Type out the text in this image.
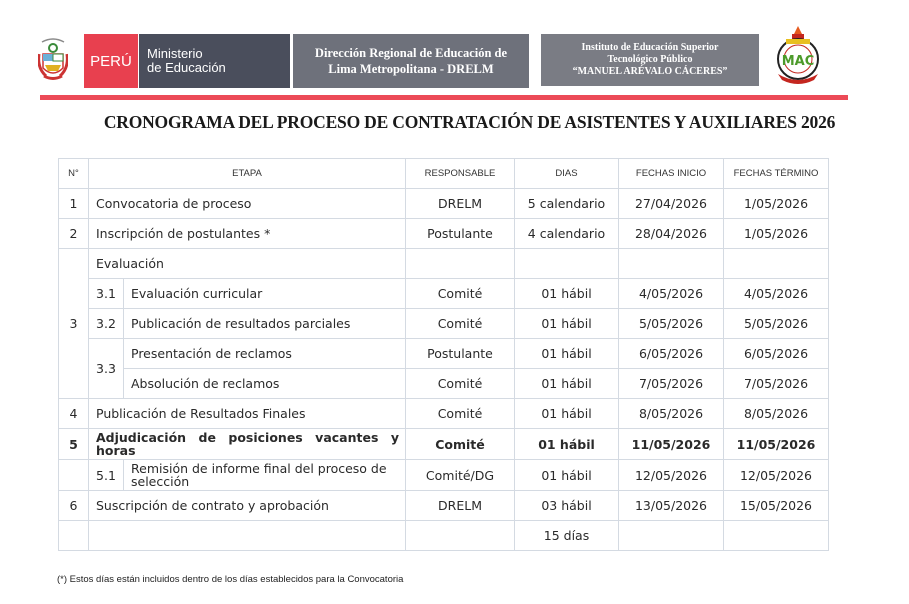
PERÚ Ministerio
de Educación
Dirección Regional de Educación de
Lima Metropolitana - DRELM
Instituto de Educación Superior
Tecnológico Público
“MANUEL ARÉVALO CÁCERES”
MAC
CRONOGRAMA DEL PROCESO DE CONTRATACIÓN DE ASISTENTES Y AUXILIARES 2026
N°	ETAPA		RESPONSABLE	DIAS	FECHAS INICIO	FECHAS TÉRMINO
1	Convocatoria de proceso		DRELM	5 calendario	27/04/2026	1/05/2026
2	Inscripción de postulantes *		Postulante	4 calendario	28/04/2026	1/05/2026
3	Evaluación					
	3.1	Evaluación curricular	Comité	01 hábil	4/05/2026	4/05/2026
	3.2	Publicación de resultados parciales	Comité	01 hábil	5/05/2026	5/05/2026
	3.3	Presentación de reclamos	Postulante	01 hábil	6/05/2026	6/05/2026
		Absolución de reclamos	Comité	01 hábil	7/05/2026	7/05/2026
4	Publicación de Resultados Finales		Comité	01 hábil	8/05/2026	8/05/2026
5	Adjudicación de posiciones vacantes y horas		Comité	01 hábil	11/05/2026	11/05/2026
	5.1	Remisión de informe final del proceso de selección	Comité/DG	01 hábil	12/05/2026	12/05/2026
6	Suscripción de contrato y aprobación		DRELM	03 hábil	13/05/2026	15/05/2026
				15 días		
(*) Estos días están incluidos dentro de los días establecidos para la Convocatoria
